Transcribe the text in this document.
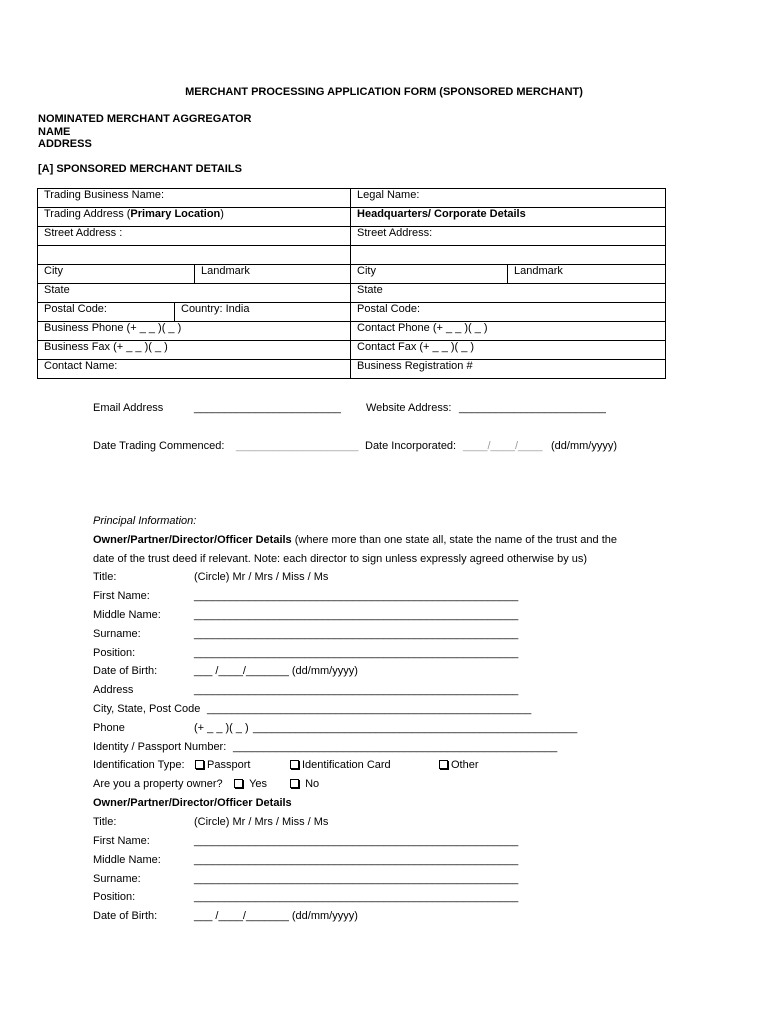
MERCHANT PROCESSING APPLICATION FORM (SPONSORED MERCHANT)
NOMINATED MERCHANT AGGREGATOR
NAME
ADDRESS
[A] SPONSORED MERCHANT DETAILS
Trading Business Name:			Legal Name:	
Trading Address (Primary Location)			Headquarters/ Corporate Details	
Street Address :			Street Address:	

City		Landmark	City	Landmark
State			State	
Postal Code:	Country: India		Postal Code:	
Business Phone (+ _ _ )( _ )			Contact Phone (+ _ _ )( _ )	
Business Fax (+ _ _ )( _ )			Contact Fax (+ _ _ )( _ )	
Contact Name:			Business Registration #	
Email Address	________________________ Website Address: ________________________
Date Trading Commenced: ____________________ Date Incorporated: ____/____/____ (dd/mm/yyyy)
Principal Information:
Owner/Partner/Director/Officer Details (where more than one state all, state the name of the trust and the
date of the trust deed if relevant. Note: each director to sign unless expressly agreed otherwise by us)
Title:	(Circle) Mr / Mrs / Miss / Ms
First Name:	_____________________________________________________
Middle Name:	_____________________________________________________
Surname:	_____________________________________________________
Position:	_____________________________________________________
Date of Birth:	___ /____/_______ (dd/mm/yyyy)
Address	_____________________________________________________
City, State, Post Code _____________________________________________________
Phone	(+ _ _ )( _ ) _____________________________________________________
Identity / Passport Number: _____________________________________________________
Identification Type:	Passport	Identification Card	Other
Are you a property owner?	Yes	No
Owner/Partner/Director/Officer Details
Title:	(Circle) Mr / Mrs / Miss / Ms
First Name:	_____________________________________________________
Middle Name:	_____________________________________________________
Surname:	_____________________________________________________
Position:	_____________________________________________________
Date of Birth:	___ /____/_______ (dd/mm/yyyy)
